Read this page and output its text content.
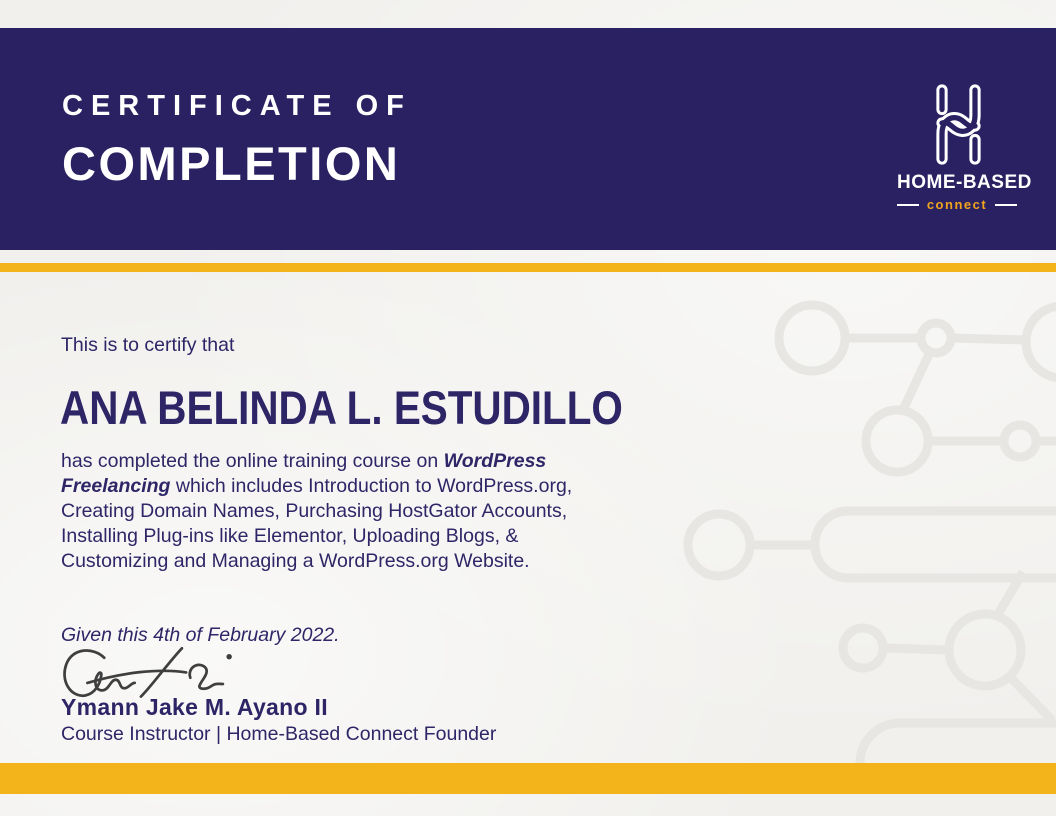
CERTIFICATE OF
COMPLETION	HOME-BASED
connect
This is to certify that
ANA BELINDA L. ESTUDILLO
has completed the online training course on WordPress Freelancing which includes Introduction to WordPress.org, Creating Domain Names, Purchasing HostGator Accounts, Installing Plug-ins like Elementor, Uploading Blogs, & Customizing and Managing a WordPress.org Website.
Given this 4th of February 2022.
Ymann Jake M. Ayano II
Course Instructor | Home-Based Connect Founder
